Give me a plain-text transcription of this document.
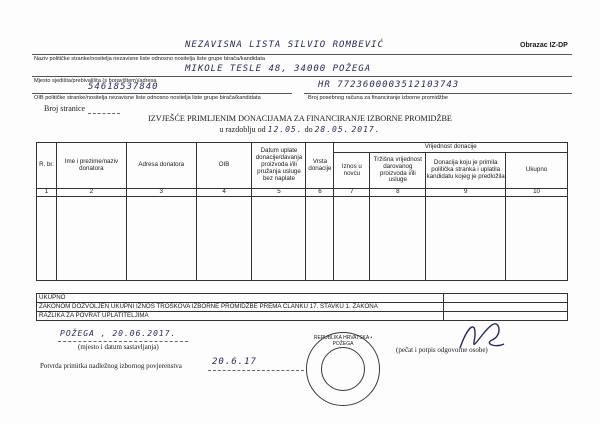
Obrazac IZ-DP
NEZAVISNA LISTA SILVIO ROMBEVIĆ
Naziv političke stranke/nositelja nezavisne liste odnosno nositelja liste grupe birača/kandidata
MIKOLE TESLE 48, 34000 POŽEGA
Mjesto sjedišta/prebivališta (s boravištem)/adresa
54618537840	HR 7723600003512103743
OIB političke stranke/nositelja nezavisne liste odnosno nositelja liste grupe birača/kandidata	Broj posebnog računa za financiranje izborne promidžbe
Broj stranice
IZVJEŠĆE PRIMLJENIM DONACIJAMA ZA FINANCIRANJE IZBORNE PROMIDŽBE
u razdoblju od 12.05. do 28.05. 2017.
R. br.	Ime i prezime/naziv donatora	Adresa donatora	OIB	Datum uplate donacije/davanja proizvoda i/ili pružanja usluge bez naplate	Vrsta donacije	Vrijednost donacije			
						Iznos u novcu	Tržišna vrijednost darovanog proizvoda i/ili usluge	Donacija koju je primila politička stranka i uplatila kandidatu kojeg je predložila	Ukupno
1	2	3	4	5	6	7	8	9	10

UKUPNO	
ZAKONOM DOZVOLJEN UKUPNI IZNOS TROŠKOVA IZBORNE PROMIDŽBE PREMA ČLANKU 17. STAVKU 1. ZAKONA	
RAZLIKA ZA POVRAT UPLATITELJIMA	
POŽEGA , 20.06.2017.
(mjesto i datum sastavljanja)
Potvrda primitka nadležnog izbornog povjerenstva	20.6.17
REPUBLIKA HRVATSKA • POŽEGA
(pečat i potpis odgovorne osobe)
